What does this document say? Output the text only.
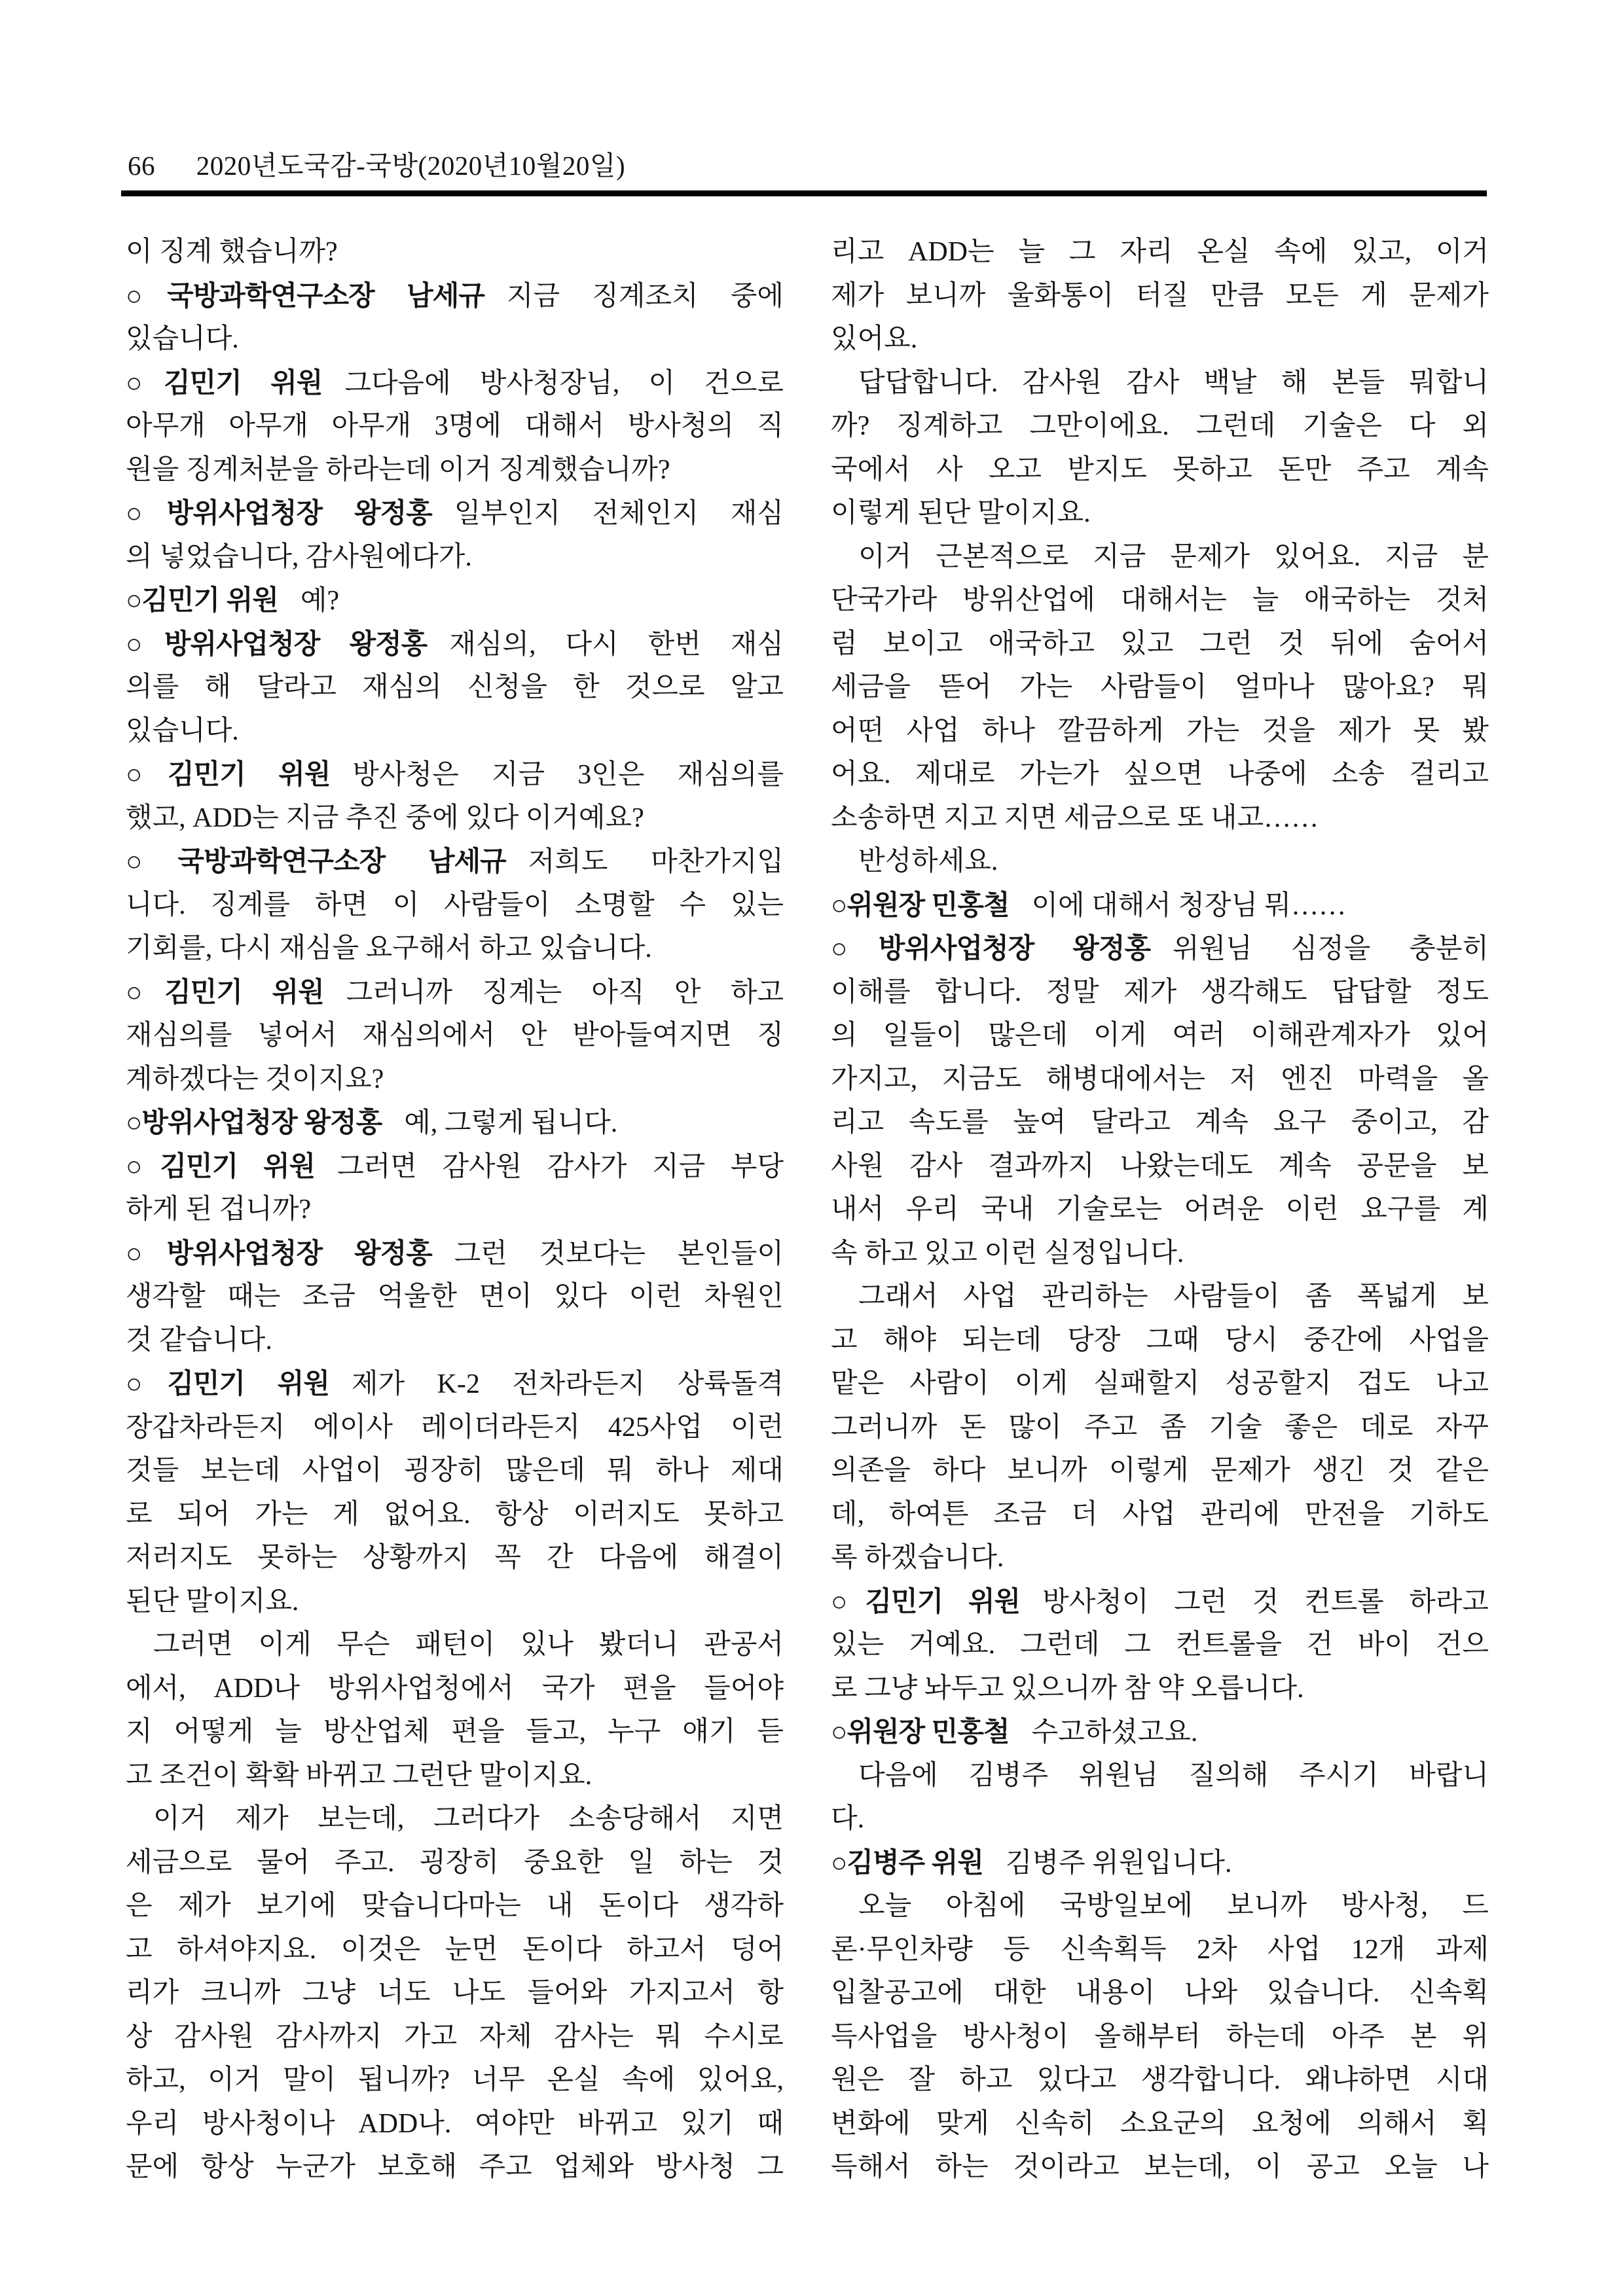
66 2020년도국감-국방(2020년10월20일)
이 징계 했습니까?
○국방과학연구소장 남세규 지금 징계조치 중에
있습니다.
○김민기 위원 그다음에 방사청장님, 이 건으로
아무개 아무개 아무개 3명에 대해서 방사청의 직
원을 징계처분을 하라는데 이거 징계했습니까?
○방위사업청장 왕정홍 일부인지 전체인지 재심
의 넣었습니다, 감사원에다가.
○김민기 위원 예?
○방위사업청장 왕정홍 재심의, 다시 한번 재심
의를 해 달라고 재심의 신청을 한 것으로 알고
있습니다.
○김민기 위원 방사청은 지금 3인은 재심의를
했고, ADD는 지금 추진 중에 있다 이거예요?
○국방과학연구소장 남세규 저희도 마찬가지입
니다. 징계를 하면 이 사람들이 소명할 수 있는
기회를, 다시 재심을 요구해서 하고 있습니다.
○김민기 위원 그러니까 징계는 아직 안 하고
재심의를 넣어서 재심의에서 안 받아들여지면 징
계하겠다는 것이지요?
○방위사업청장 왕정홍 예, 그렇게 됩니다.
○김민기 위원 그러면 감사원 감사가 지금 부당
하게 된 겁니까?
○방위사업청장 왕정홍 그런 것보다는 본인들이
생각할 때는 조금 억울한 면이 있다 이런 차원인
것 같습니다.
○김민기 위원 제가 K-2 전차라든지 상륙돌격
장갑차라든지 에이사 레이더라든지 425사업 이런
것들 보는데 사업이 굉장히 많은데 뭐 하나 제대
로 되어 가는 게 없어요. 항상 이러지도 못하고
저러지도 못하는 상황까지 꼭 간 다음에 해결이
된단 말이지요.
그러면 이게 무슨 패턴이 있나 봤더니 관공서
에서, ADD나 방위사업청에서 국가 편을 들어야
지 어떻게 늘 방산업체 편을 들고, 누구 얘기 듣
고 조건이 확확 바뀌고 그런단 말이지요.
이거 제가 보는데, 그러다가 소송당해서 지면
세금으로 물어 주고. 굉장히 중요한 일 하는 것
은 제가 보기에 맞습니다마는 내 돈이다 생각하
고 하셔야지요. 이것은 눈먼 돈이다 하고서 덩어
리가 크니까 그냥 너도 나도 들어와 가지고서 항
상 감사원 감사까지 가고 자체 감사는 뭐 수시로
하고, 이거 말이 됩니까? 너무 온실 속에 있어요,
우리 방사청이나 ADD나. 여야만 바뀌고 있기 때
문에 항상 누군가 보호해 주고 업체와 방사청 그
리고 ADD는 늘 그 자리 온실 속에 있고, 이거
제가 보니까 울화통이 터질 만큼 모든 게 문제가
있어요.
답답합니다. 감사원 감사 백날 해 본들 뭐합니
까? 징계하고 그만이에요. 그런데 기술은 다 외
국에서 사 오고 받지도 못하고 돈만 주고 계속
이렇게 된단 말이지요.
이거 근본적으로 지금 문제가 있어요. 지금 분
단국가라 방위산업에 대해서는 늘 애국하는 것처
럼 보이고 애국하고 있고 그런 것 뒤에 숨어서
세금을 뜯어 가는 사람들이 얼마나 많아요? 뭐
어떤 사업 하나 깔끔하게 가는 것을 제가 못 봤
어요. 제대로 가는가 싶으면 나중에 소송 걸리고
소송하면 지고 지면 세금으로 또 내고……
반성하세요.
○위원장 민홍철 이에 대해서 청장님 뭐……
○방위사업청장 왕정홍 위원님 심정을 충분히
이해를 합니다. 정말 제가 생각해도 답답할 정도
의 일들이 많은데 이게 여러 이해관계자가 있어
가지고, 지금도 해병대에서는 저 엔진 마력을 올
리고 속도를 높여 달라고 계속 요구 중이고, 감
사원 감사 결과까지 나왔는데도 계속 공문을 보
내서 우리 국내 기술로는 어려운 이런 요구를 계
속 하고 있고 이런 실정입니다.
그래서 사업 관리하는 사람들이 좀 폭넓게 보
고 해야 되는데 당장 그때 당시 중간에 사업을
맡은 사람이 이게 실패할지 성공할지 겁도 나고
그러니까 돈 많이 주고 좀 기술 좋은 데로 자꾸
의존을 하다 보니까 이렇게 문제가 생긴 것 같은
데, 하여튼 조금 더 사업 관리에 만전을 기하도
록 하겠습니다.
○김민기 위원 방사청이 그런 것 컨트롤 하라고
있는 거예요. 그런데 그 컨트롤을 건 바이 건으
로 그냥 놔두고 있으니까 참 약 오릅니다.
○위원장 민홍철 수고하셨고요.
다음에 김병주 위원님 질의해 주시기 바랍니
다.
○김병주 위원 김병주 위원입니다.
오늘 아침에 국방일보에 보니까 방사청, 드
론·무인차량 등 신속획득 2차 사업 12개 과제
입찰공고에 대한 내용이 나와 있습니다. 신속획
득사업을 방사청이 올해부터 하는데 아주 본 위
원은 잘 하고 있다고 생각합니다. 왜냐하면 시대
변화에 맞게 신속히 소요군의 요청에 의해서 획
득해서 하는 것이라고 보는데, 이 공고 오늘 나
